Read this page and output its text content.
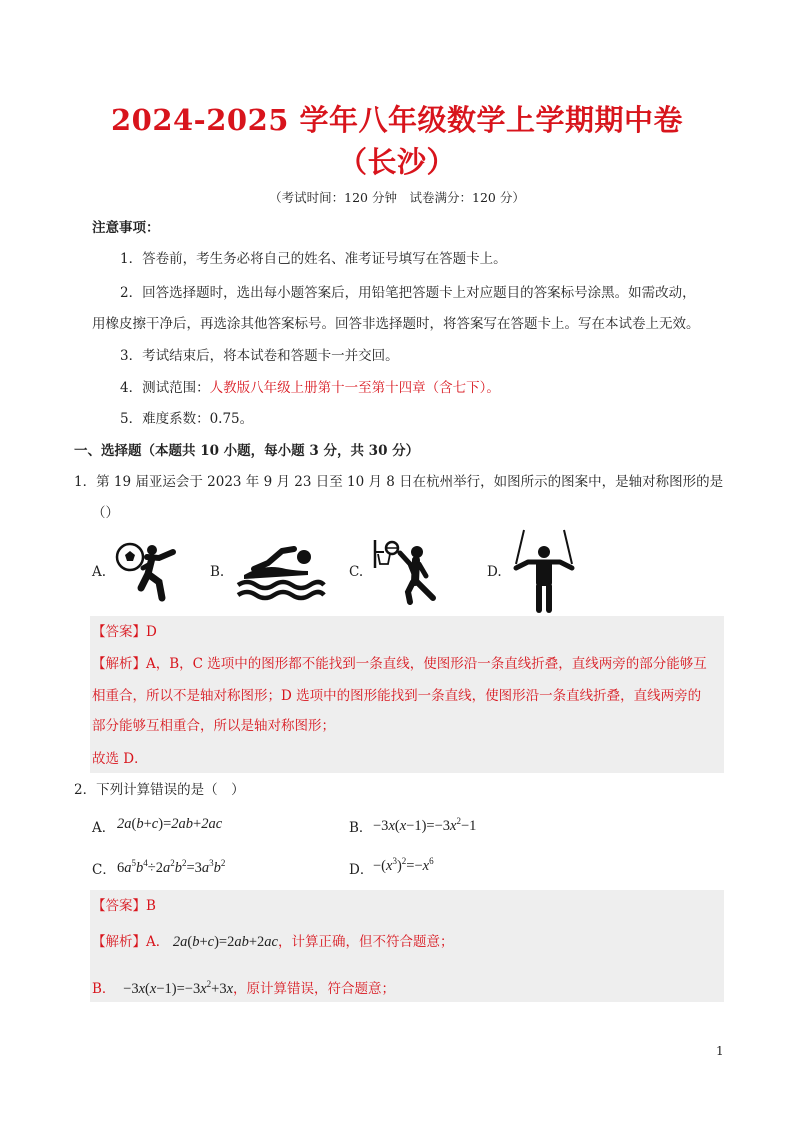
2024-2025 学年八年级数学上学期期中卷
（长沙）
（考试时间：120 分钟　试卷满分：120 分）
注意事项：
1．答卷前，考生务必将自己的姓名、准考证号填写在答题卡上。
2．回答选择题时，选出每小题答案后，用铅笔把答题卡上对应题目的答案标号涂黑。如需改动，
用橡皮擦干净后，再选涂其他答案标号。回答非选择题时，将答案写在答题卡上。写在本试卷上无效。
3．考试结束后，将本试卷和答题卡一并交回。
4．测试范围：人教版八年级上册第十一至第十四章（含七下）。
5．难度系数：0.75。
一、选择题（本题共 10 小题，每小题 3 分，共 30 分）
1．第 19 届亚运会于 2023 年 9 月 23 日至 10 月 8 日在杭州举行，如图所示的图案中，是轴对称图形的是
（）
A.	B.	C.	D.
【答案】D
【解析】A，B，C 选项中的图形都不能找到一条直线，使图形沿一条直线折叠，直线两旁的部分能够互
相重合，所以不是轴对称图形；D 选项中的图形能找到一条直线，使图形沿一条直线折叠，直线两旁的
部分能够互相重合，所以是轴对称图形；
故选 D．
2．下列计算错误的是（　）
A． 2a(b+c)=2ab+2ac	B． $-3x(x-1)=-3x^2-1$
C． $6a^5b^4\div 2a^2b^2=3a^3b^2$	D． $-(x^3)^2=-x^6$
【答案】B
【解析】A． 2a(b+c)=2ab+2ac，计算正确，但不符合题意；
B．　 $-3x(x-1)=-3x^2+3x$，原计算错误，符合题意；
1
